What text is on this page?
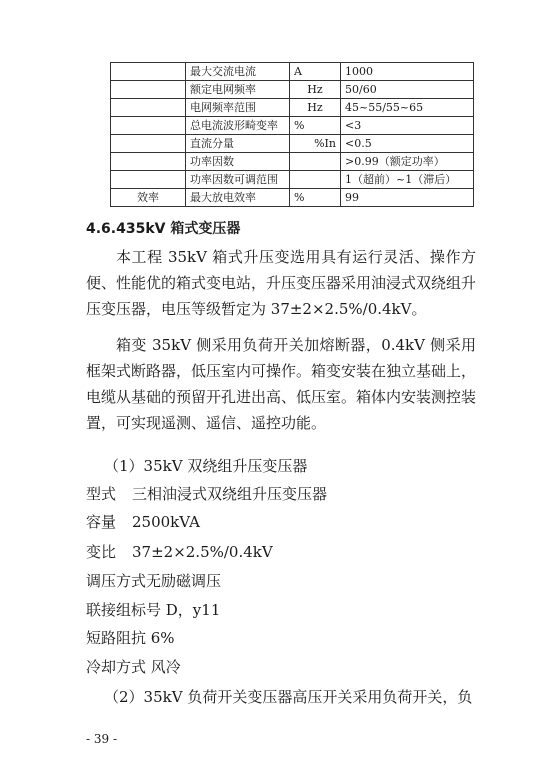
	最大交流电流	A	1000
	额定电网频率	Hz	50/60
	电网频率范围	Hz	45~55/55~65
	总电流波形畸变率	%	<3
	直流分量	%In	<0.5
	功率因数		>0.99（额定功率）
	功率因数可调范围		1（超前）~1（滞后）
效率	最大放电效率	%	99

4.6.435kV 箱式变压器

本工程 35kV 箱式升压变选用具有运行灵活、操作方便、性能优的箱式变电站，升压变压器采用油浸式双绕组升压变压器，电压等级暂定为 37±2×2.5%/0.4kV。

箱变 35kV 侧采用负荷开关加熔断器，0.4kV 侧采用框架式断路器，低压室内可操作。箱变安装在独立基础上，电缆从基础的预留开孔进出高、低压室。箱体内安装测控装置，可实现遥测、遥信、遥控功能。

（1）35kV 双绕组升压变压器

型式 三相油浸式双绕组升压变压器

容量 2500kVA

变比 37±2×2.5%/0.4kV

调压方式无励磁调压

联接组标号 D，y11

短路阻抗 6%

冷却方式 风冷

（2）35kV 负荷开关变压器高压开关采用负荷开关，负

- 39 -
